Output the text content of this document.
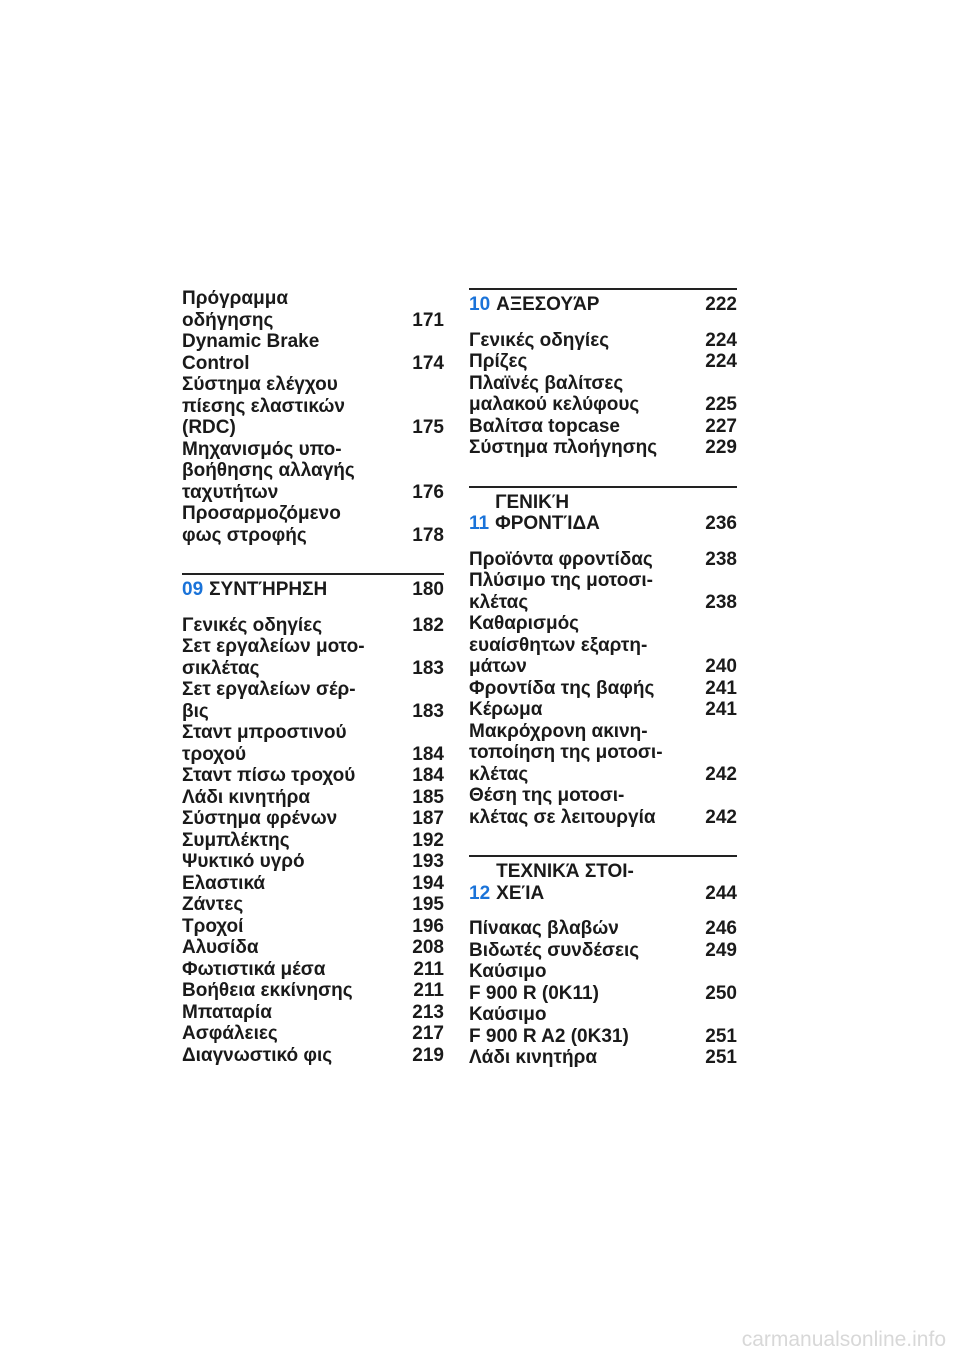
Πρόγραμμα
οδήγησης	171
Dynamic Brake
Control	174
Σύστημα ελέγχου
πίεσης ελαστικών
(RDC)	175
Μηχανισμός υπο-
βοήθησης αλλαγής
ταχυτήτων	176
Προσαρμοζόμενο
φως στροφής	178
09 ΣΥΝΤΉΡΗΣΗ	180
Γενικές οδηγίες	182
Σετ εργαλείων μοτο-
σικλέτας	183
Σετ εργαλείων σέρ-
βις	183
Σταντ μπροστινού
τροχού	184
Σταντ πίσω τροχού	184
Λάδι κινητήρα	185
Σύστημα φρένων	187
Συμπλέκτης	192
Ψυκτικό υγρό	193
Ελαστικά	194
Ζάντες	195
Τροχοί	196
Αλυσίδα	208
Φωτιστικά μέσα	211
Βοήθεια εκκίνησης	211
Μπαταρία	213
Ασφάλειες	217
Διαγνωστικό φις	219
10 ΑΞΕΣΟΥΆΡ	222
Γενικές οδηγίες	224
Πρίζες	224
Πλαϊνές βαλίτσες
μαλακού κελύφους	225
Βαλίτσα topcase	227
Σύστημα πλοήγησης	229
11
ΓΕΝΙΚΉ
ΦΡΟΝΤΊΔΑ	236
Προϊόντα φροντίδας	238
Πλύσιμο της μοτοσι-
κλέτας	238
Καθαρισμός
ευαίσθητων εξαρτη-
μάτων	240
Φροντίδα της βαφής	241
Κέρωμα	241
Μακρόχρονη ακινη-
τοποίηση της μοτοσι-
κλέτας	242
Θέση της μοτοσι-
κλέτας σε λειτουργία	242
12
ΤΕΧΝΙΚΆ ΣΤΟΙ-
ΧΕΊΑ	244
Πίνακας βλαβών	246
Βιδωτές συνδέσεις	249
Καύσιμο
F 900 R (0K11)	250
Καύσιμο
F 900 R A2 (0K31)	251
Λάδι κινητήρα	251
carmanualsonline.info
